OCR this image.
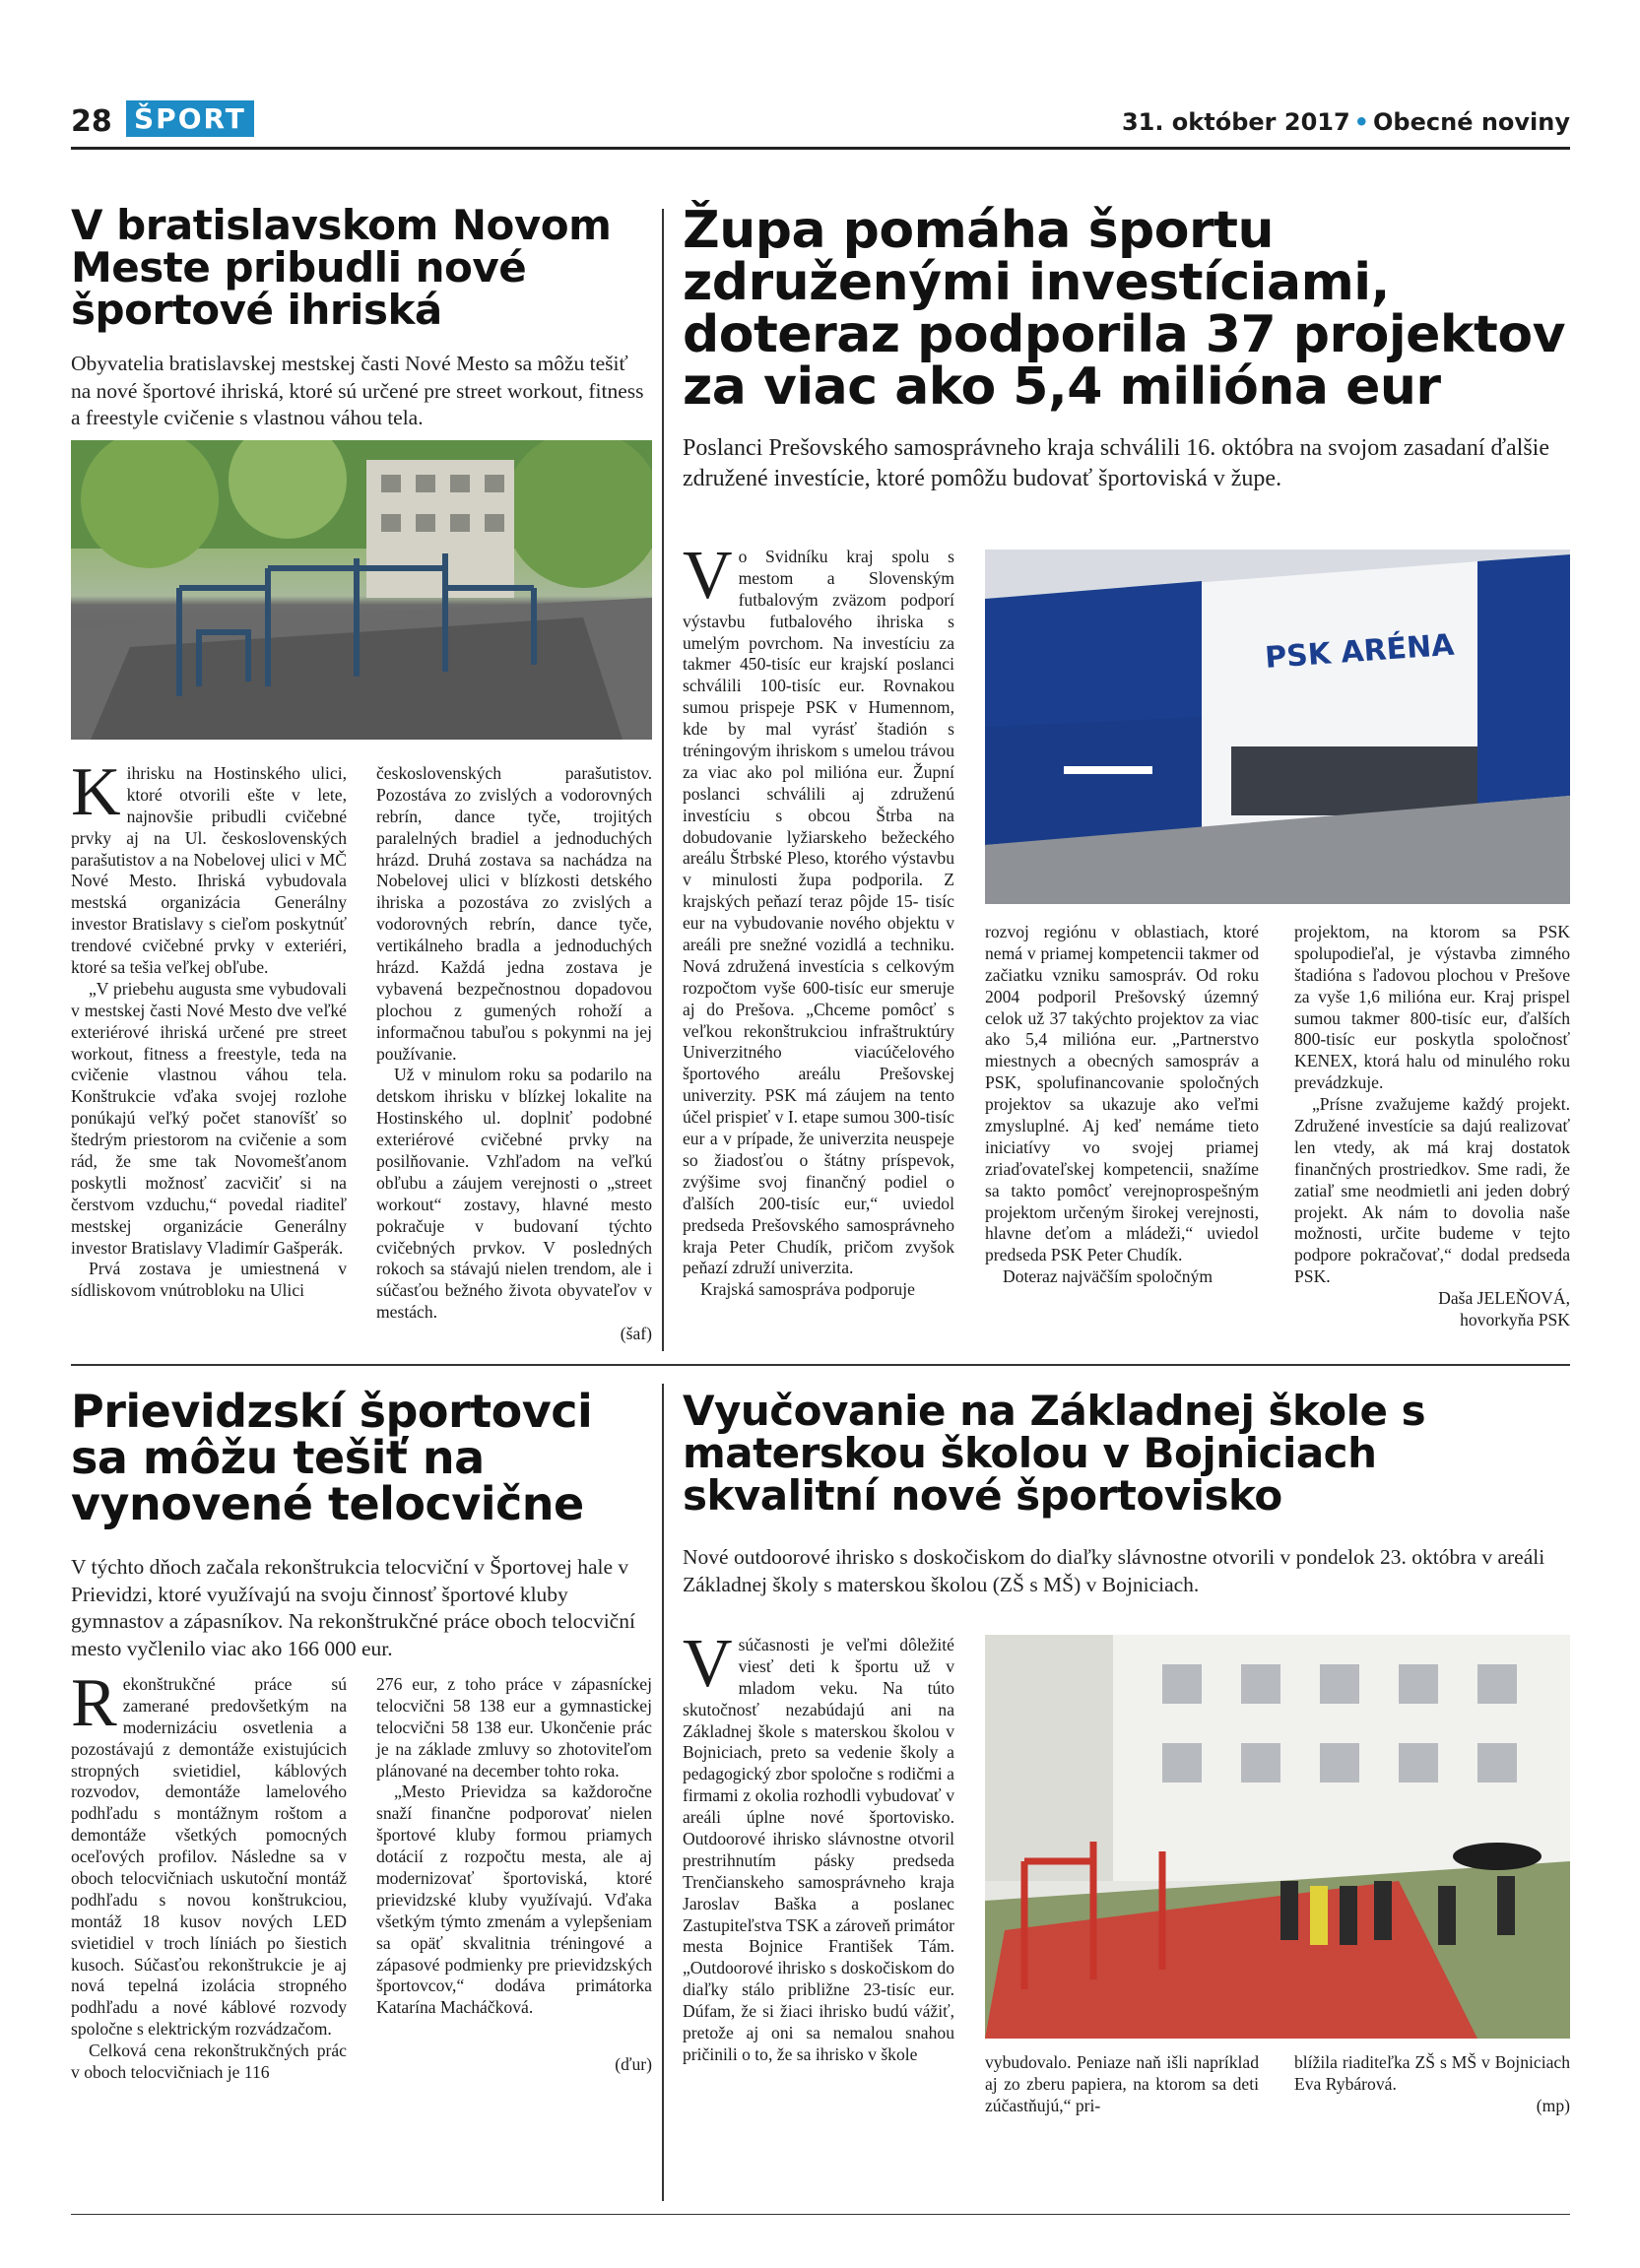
28 ŠPORT	31. október 2017 • Obecné noviny
V bratislavskom Novom Meste pribudli nové športové ihriská
Obyvatelia bratislavskej mestskej časti Nové Mesto sa môžu tešiť na nové športové ihriská, ktoré sú určené pre street workout, fitness a freestyle cvičenie s vlastnou váhou tela.

Kihrisku na Hostinského ulici, ktoré otvorili ešte v lete, najnovšie pribudli cvičebné prvky aj na Ul. československých parašutistov a na Nobelovej ulici v MČ Nové Mesto. Ihriská vybudovala mestská organizácia Generálny investor Bratislavy s cieľom poskytnúť trendové cvičebné prvky v exteriéri, ktoré sa tešia veľkej obľube.

„V priebehu augusta sme vybudovali v mestskej časti Nové Mesto dve veľké exteriérové ihriská určené pre street workout, fitness a freestyle, teda na cvičenie vlastnou váhou tela. Konštrukcie vďaka svojej rozlohe ponúkajú veľký počet stanovíšť so štedrým priestorom na cvičenie a som rád, že sme tak Novomešťanom poskytli možnosť zacvičiť si na čerstvom vzduchu,“ povedal riaditeľ mestskej organizácie Generálny investor Bratislavy Vladimír Gašperák.

Prvá zostava je umiestnená v sídliskovom vnútrobloku na Ulici

československých parašutistov. Pozostáva zo zvislých a vodorovných rebrín, dance tyče, trojitých paralelných bradiel a jednoduchých hrázd. Druhá zostava sa nachádza na Nobelovej ulici v blízkosti detského ihriska a pozostáva zo zvislých a vodorovných rebrín, dance tyče, vertikálneho bradla a jednoduchých hrázd. Každá jedna zostava je vybavená bezpečnostnou dopadovou plochou z gumených rohoží a informačnou tabuľou s pokynmi na jej používanie.

Už v minulom roku sa podarilo na detskom ihrisku v blízkej lokalite na Hostinského ul. doplniť podobné exteriérové cvičebné prvky na posilňovanie. Vzhľadom na veľkú obľubu a záujem verejnosti o „street workout“ zostavy, hlavné mesto pokračuje v budovaní týchto cvičebných prvkov. V posledných rokoch sa stávajú nielen trendom, ale i súčasťou bežného života obyvateľov v mestách.

(šaf)
Župa pomáha športu združenými investíciami, doteraz podporila 37 projektov za viac ako 5,4 milióna eur
Poslanci Prešovského samosprávneho kraja schválili 16. októbra na svojom zasadaní ďalšie združené investície, ktoré pomôžu budovať športoviská v župe.

Vo Svidníku kraj spolu s mestom a Slovenským futbalovým zväzom podporí výstavbu futbalového ihriska s umelým povrchom. Na investíciu za takmer 450-tisíc eur krajskí poslanci schválili 100-tisíc eur. Rovnakou sumou prispeje PSK v Humennom, kde by mal vyrásť štadión s tréningovým ihriskom s umelou trávou za viac ako pol milióna eur. Župní poslanci schválili aj združenú investíciu s obcou Štrba na dobudovanie lyžiarskeho bežeckého areálu Štrbské Pleso, ktorého výstavbu v minulosti župa podporila. Z krajských peňazí teraz pôjde 15- tisíc eur na vybudovanie nového objektu v areáli pre snežné vozidlá a techniku. Nová združená investícia s celkovým rozpočtom vyše 600-tisíc eur smeruje aj do Prešova. „Chceme pomôcť s veľkou rekonštrukciou infraštruktúry Univerzitného viacúčelového športového areálu Prešovskej univerzity. PSK má záujem na tento účel prispieť v I. etape sumou 300-tisíc eur a v prípade, že univerzita neuspeje so žiadosťou o štátny príspevok, zvýšime svoj finančný podiel o ďalších 200-tisíc eur,“ uviedol predseda Prešovského samosprávneho kraja Peter Chudík, pričom zvyšok peňazí združí univerzita.

Krajská samospráva podporuje

PSK ARÉNA

rozvoj regiónu v oblastiach, ktoré nemá v priamej kompetencii takmer od začiatku vzniku samospráv. Od roku 2004 podporil Prešovský územný celok už 37 takýchto projektov za viac ako 5,4 milióna eur. „Partnerstvo miestnych a obecných samospráv a PSK, spolufinancovanie spoločných projektov sa ukazuje ako veľmi zmysluplné. Aj keď nemáme tieto iniciatívy vo svojej priamej zriaďovateľskej kompetencii, snažíme sa takto pomôcť verejnoprospešným projektom určeným širokej verejnosti, hlavne deťom a mládeži,“ uviedol predseda PSK Peter Chudík.

Doteraz najväčším spoločným

projektom, na ktorom sa PSK spolupodieľal, je výstavba zimného štadióna s ľadovou plochou v Prešove za vyše 1,6 milióna eur. Kraj prispel sumou takmer 800-tisíc eur, ďalších 800-tisíc eur poskytla spoločnosť KENEX, ktorá halu od minulého roku prevádzkuje.

„Prísne zvažujeme každý projekt. Združené investície sa dajú realizovať len vtedy, ak má kraj dostatok finančných prostriedkov. Sme radi, že zatiaľ sme neodmietli ani jeden dobrý projekt. Ak nám to dovolia naše možnosti, určite budeme v tejto podpore pokračovať,“ dodal predseda PSK.

Daša JELEŇOVÁ,
hovorkyňa PSK
Prievidzskí športovci sa môžu tešiť na vynovené telocvične
V týchto dňoch začala rekonštrukcia telocviční v Športovej hale v Prievidzi, ktoré využívajú na svoju činnosť športové kluby gymnastov a zápasníkov. Na rekonštrukčné práce oboch telocviční mesto vyčlenilo viac ako 166 000 eur.

Rekonštrukčné práce sú zamerané predovšetkým na modernizáciu osvetlenia a pozostávajú z demontáže existujúcich stropných svietidiel, káblových rozvodov, demontáže lamelového podhľadu s montážnym roštom a demontáže všetkých pomocných oceľových profilov. Následne sa v oboch telocvičniach uskutoční montáž podhľadu s novou konštrukciou, montáž 18 kusov nových LED svietidiel v troch líniách po šiestich kusoch. Súčasťou rekonštrukcie je aj nová tepelná izolácia stropného podhľadu a nové káblové rozvody spoločne s elektrickým rozvádzačom.

Celková cena rekonštrukčných prác v oboch telocvičniach je 116

276 eur, z toho práce v zápasníckej telocvični 58 138 eur a gymnastickej telocvični 58 138 eur. Ukončenie prác je na základe zmluvy so zhotoviteľom plánované na december tohto roka.

„Mesto Prievidza sa každoročne snaží finančne podporovať nielen športové kluby formou priamych dotácií z rozpočtu mesta, ale aj modernizovať športoviská, ktoré prievidzské kluby využívajú. Vďaka všetkým týmto zmenám a vylepšeniam sa opäť skvalitnia tréningové a zápasové podmienky pre prievidzských športovcov,“ dodáva primátorka Katarína Macháčková.

(ďur)
Vyučovanie na Základnej škole s materskou školou v Bojniciach skvalitní nové športovisko
Nové outdoorové ihrisko s doskočiskom do diaľky slávnostne otvorili v pondelok 23. októbra v areáli Základnej školy s materskou školou (ZŠ s MŠ) v Bojniciach.

Vsúčasnosti je veľmi dôležité viesť deti k športu už v mladom veku. Na túto skutočnosť nezabúdajú ani na Základnej škole s materskou školou v Bojniciach, preto sa vedenie školy a pedagogický zbor spoločne s rodičmi a firmami z okolia rozhodli vybudovať v areáli úplne nové športovisko. Outdoorové ihrisko slávnostne otvoril prestrihnutím pásky predseda Trenčianskeho samosprávneho kraja Jaroslav Baška a poslanec Zastupiteľstva TSK a zároveň primátor mesta Bojnice František Tám. „Outdoorové ihrisko s doskočiskom do diaľky stálo približne 23-tisíc eur. Dúfam, že si žiaci ihrisko budú vážiť, pretože aj oni sa nemalou snahou pričinili o to, že sa ihrisko v škole	vybudovalo. Peniaze naň išli napríklad aj zo zberu papiera, na ktorom sa deti zúčastňujú,“ pri-

blížila riaditeľka ZŠ s MŠ v Bojniciach Eva Rybárová.

(mp)
